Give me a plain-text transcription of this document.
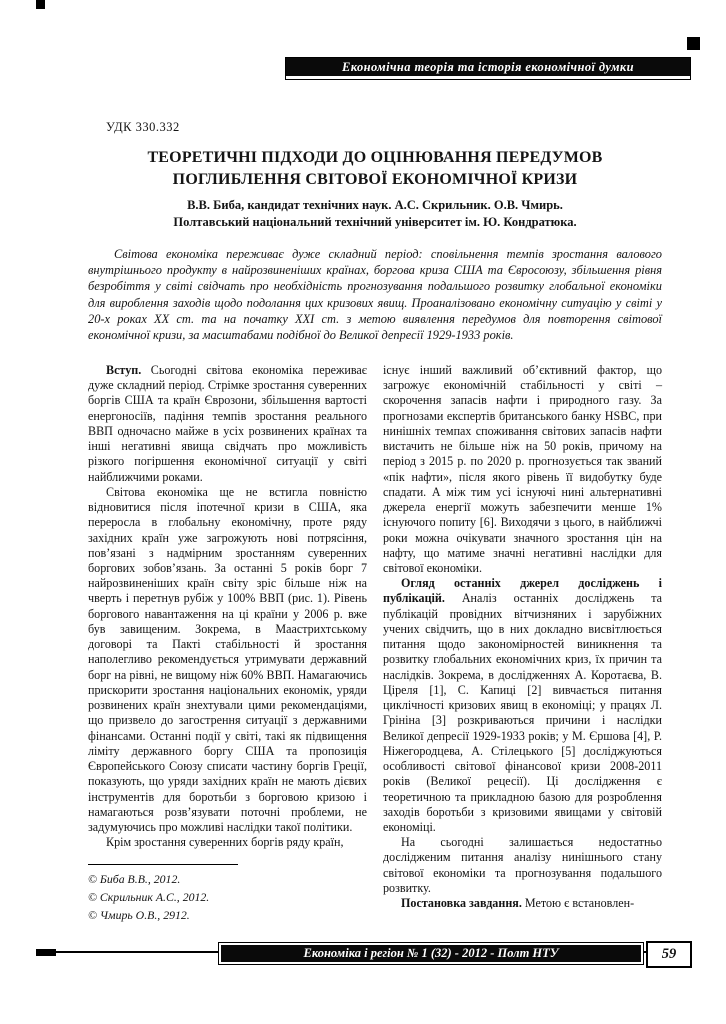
Економічна теорія та історія економічної думки
УДК 330.332
ТЕОРЕТИЧНІ ПІДХОДИ ДО ОЦІНЮВАННЯ ПЕРЕДУМОВ
ПОГЛИБЛЕННЯ СВІТОВОЇ ЕКОНОМІЧНОЇ КРИЗИ
В.В. Биба, кандидат технічних наук. А.С. Скрильник. О.В. Чмирь.
Полтавський національний технічний університет ім. Ю. Кондратюка.

Світова економіка переживає дуже складний період: сповільнення темпів зростання валового внутрішнього продукту в найрозвиненіших країнах, боргова криза США та Євросоюзу, збільшення рівня безробіття у світі свідчать про необхідність прогнозування подальшого розвитку глобальної економіки для вироблення заходів щодо подолання цих кризових явищ. Проаналізовано економічну ситуацію у світі у 20-х роках XX ст. та на початку XXI ст. з метою виявлення передумов для повторення світової економічної кризи, за масштабами подібної до Великої депресії 1929-1933 років.

Вступ. Сьогодні світова економіка переживає дуже складний період. Стрімке зростання суверенних боргів США та країн Єврозони, збільшення вартості енергоносіїв, падіння темпів зростання реального ВВП одночасно майже в усіх розвинених країнах та інші негативні явища свідчать про можливість різкого погіршення економічної ситуації у світі найближчими роками.

Світова економіка ще не встигла повністю відновитися після іпотечної кризи в США, яка переросла в глобальну економічну, проте ряду західних країн уже загрожують нові потрясіння, пов’язані з надмірним зростанням суверенних боргових зобов’язань. За останні 5 років борг 7 найрозвиненіших країн світу зріс більше ніж на чверть і перетнув рубіж у 100% ВВП (рис. 1). Рівень боргового навантаження на ці країни у 2006 р. вже був завищеним. Зокрема, в Маастрихтському договорі та Пакті стабільності й зростання наполегливо рекомендується утримувати державний борг на рівні, не вищому ніж 60% ВВП. Намагаючись прискорити зростання національних економік, уряди розвинених країн знехтували цими рекомендаціями, що призвело до загострення ситуації з державними фінансами. Останні події у світі, такі як підвищення ліміту державного боргу США та пропозиція Європейського Союзу списати частину боргів Греції, показують, що уряди західних країн не мають дієвих інструментів для боротьби з борговою кризою і намагаються розв’язувати поточні проблеми, не задумуючись про можливі наслідки такої політики.

Крім зростання суверенних боргів ряду країн,

© Биба В.В., 2012.
© Скрильник А.С., 2012.
© Чмирь О.В., 2912.

існує інший важливий об’єктивний фактор, що загрожує економічній стабільності у світі – скорочення запасів нафти і природного газу. За прогнозами експертів британського банку HSBC, при нинішніх темпах споживання світових запасів нафти вистачить не більше ніж на 50 років, причому на період з 2015 р. по 2020 р. прогнозується так званий «пік нафти», після якого рівень її видобутку буде спадати. А між тим усі існуючі нині альтернативні джерела енергії можуть забезпечити менше 1% існуючого попиту [6]. Виходячи з цього, в найближчі роки можна очікувати значного зростання цін на нафту, що матиме значні негативні наслідки для світової економіки.

Огляд останніх джерел досліджень і публікацій. Аналіз останніх досліджень та публікацій провідних вітчизняних і зарубіжних учених свідчить, що в них докладно висвітлюється питання щодо закономірностей виникнення та розвитку глобальних економічних криз, їх причин та наслідків. Зокрема, в дослідженнях А. Коротаєва, В. Ціреля [1], С. Капиці [2] вивчається питання циклічності кризових явищ в економіці; у працях Л. Грініна [3] розкриваються причини і наслідки Великої депресії 1929-1933 років; у М. Єршова [4], Р. Ніжегородцева, А. Стілецького [5] досліджуються особливості світової фінансової кризи 2008-2011 років (Великої рецесії). Ці дослідження є теоретичною та прикладною базою для розроблення заходів боротьби з кризовими явищами у світовій економіці.

На сьогодні залишається недостатньо дослідженим питання аналізу нинішнього стану світової економіки та прогнозування подальшого розвитку.

Постановка завдання. Метою є встановлен-

Економіка і регіон № 1 (32) - 2012 - Полт НТУ	59
